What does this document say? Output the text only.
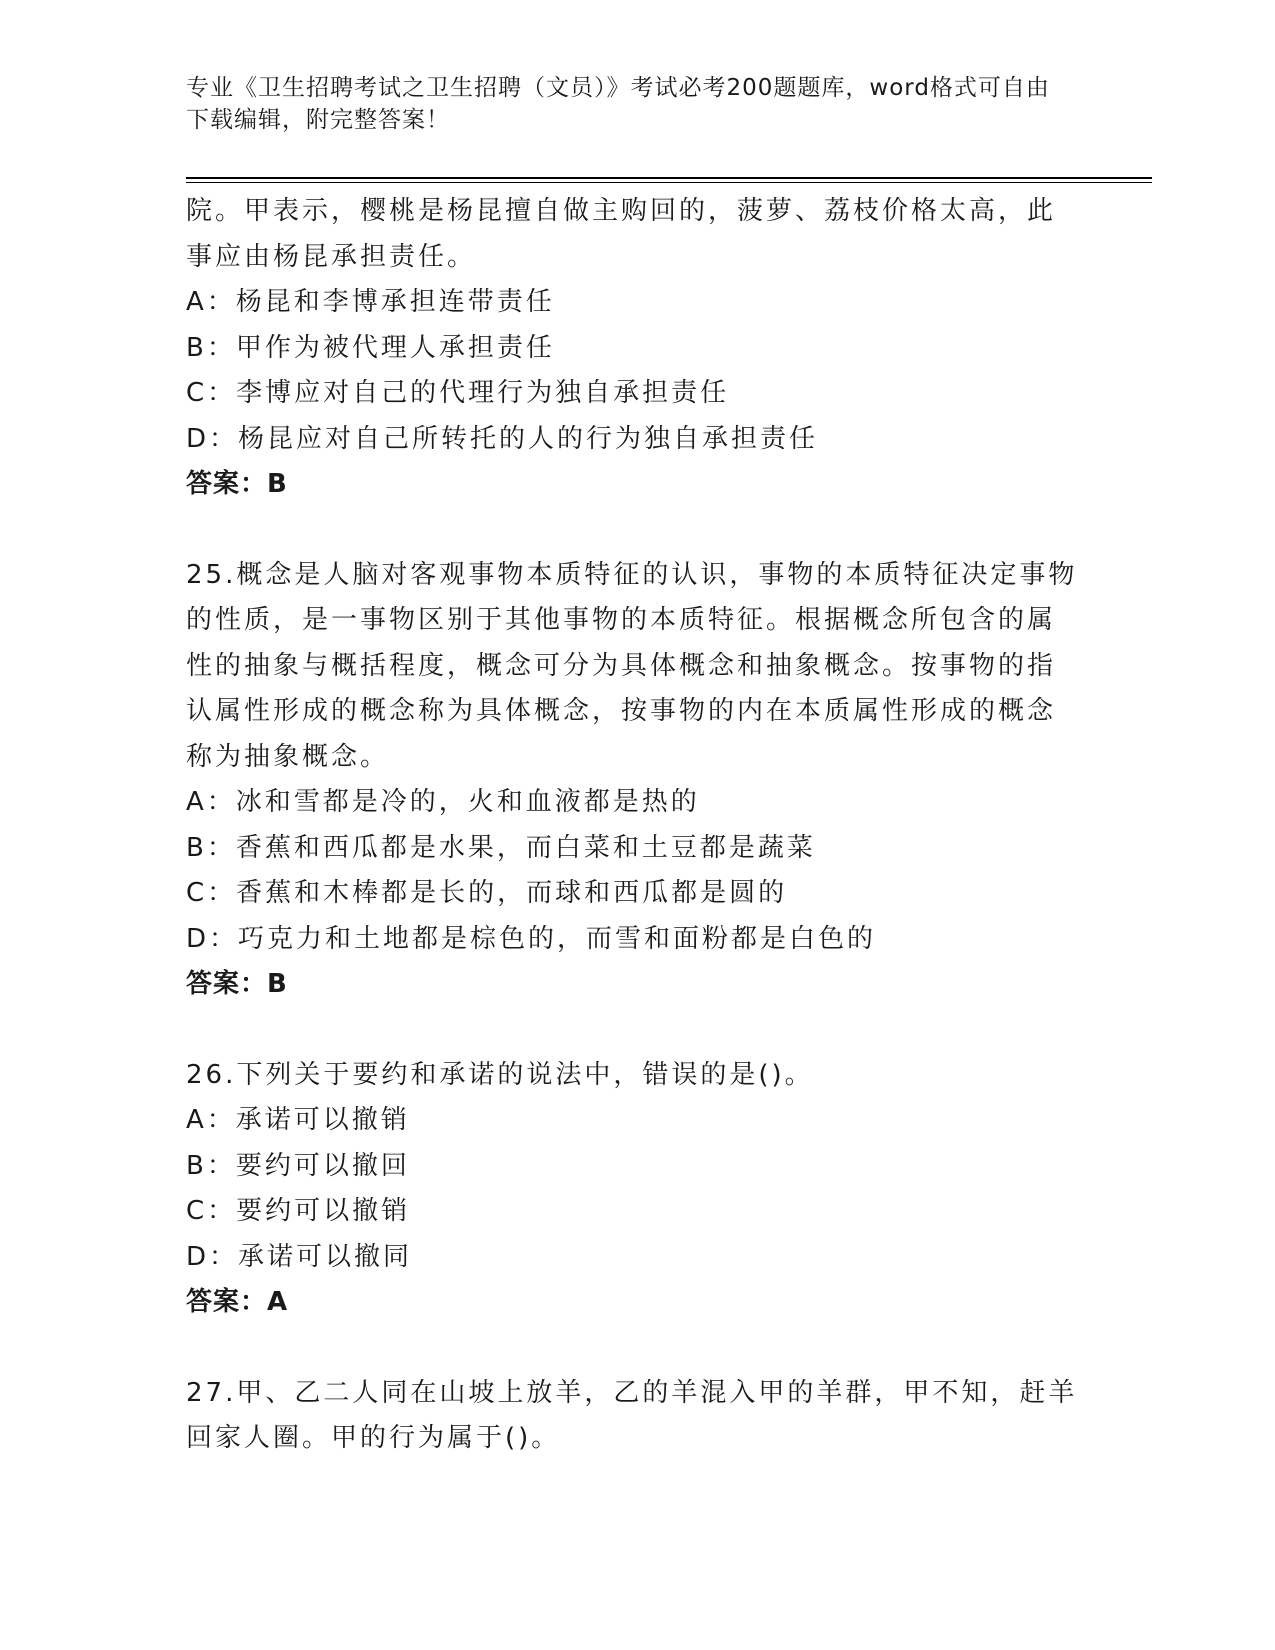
专业《卫生招聘考试之卫生招聘（文员）》考试必考200题题库，word格式可自由下载编辑，附完整答案！
院。甲表示，樱桃是杨昆擅自做主购回的，菠萝、荔枝价格太高，此
事应由杨昆承担责任。
A：杨昆和李博承担连带责任
B：甲作为被代理人承担责任
C：李博应对自己的代理行为独自承担责任
D：杨昆应对自己所转托的人的行为独自承担责任
答案：B
25.概念是人脑对客观事物本质特征的认识，事物的本质特征决定事物
的性质，是一事物区别于其他事物的本质特征。根据概念所包含的属
性的抽象与概括程度，概念可分为具体概念和抽象概念。按事物的指
认属性形成的概念称为具体概念，按事物的内在本质属性形成的概念
称为抽象概念。
A：冰和雪都是冷的，火和血液都是热的
B：香蕉和西瓜都是水果，而白菜和土豆都是蔬菜
C：香蕉和木棒都是长的，而球和西瓜都是圆的
D：巧克力和土地都是棕色的，而雪和面粉都是白色的
答案：B
26.下列关于要约和承诺的说法中，错误的是()。
A：承诺可以撤销
B：要约可以撤回
C：要约可以撤销
D：承诺可以撤同
答案：A
27.甲、乙二人同在山坡上放羊，乙的羊混入甲的羊群，甲不知，赶羊
回家人圈。甲的行为属于()。
